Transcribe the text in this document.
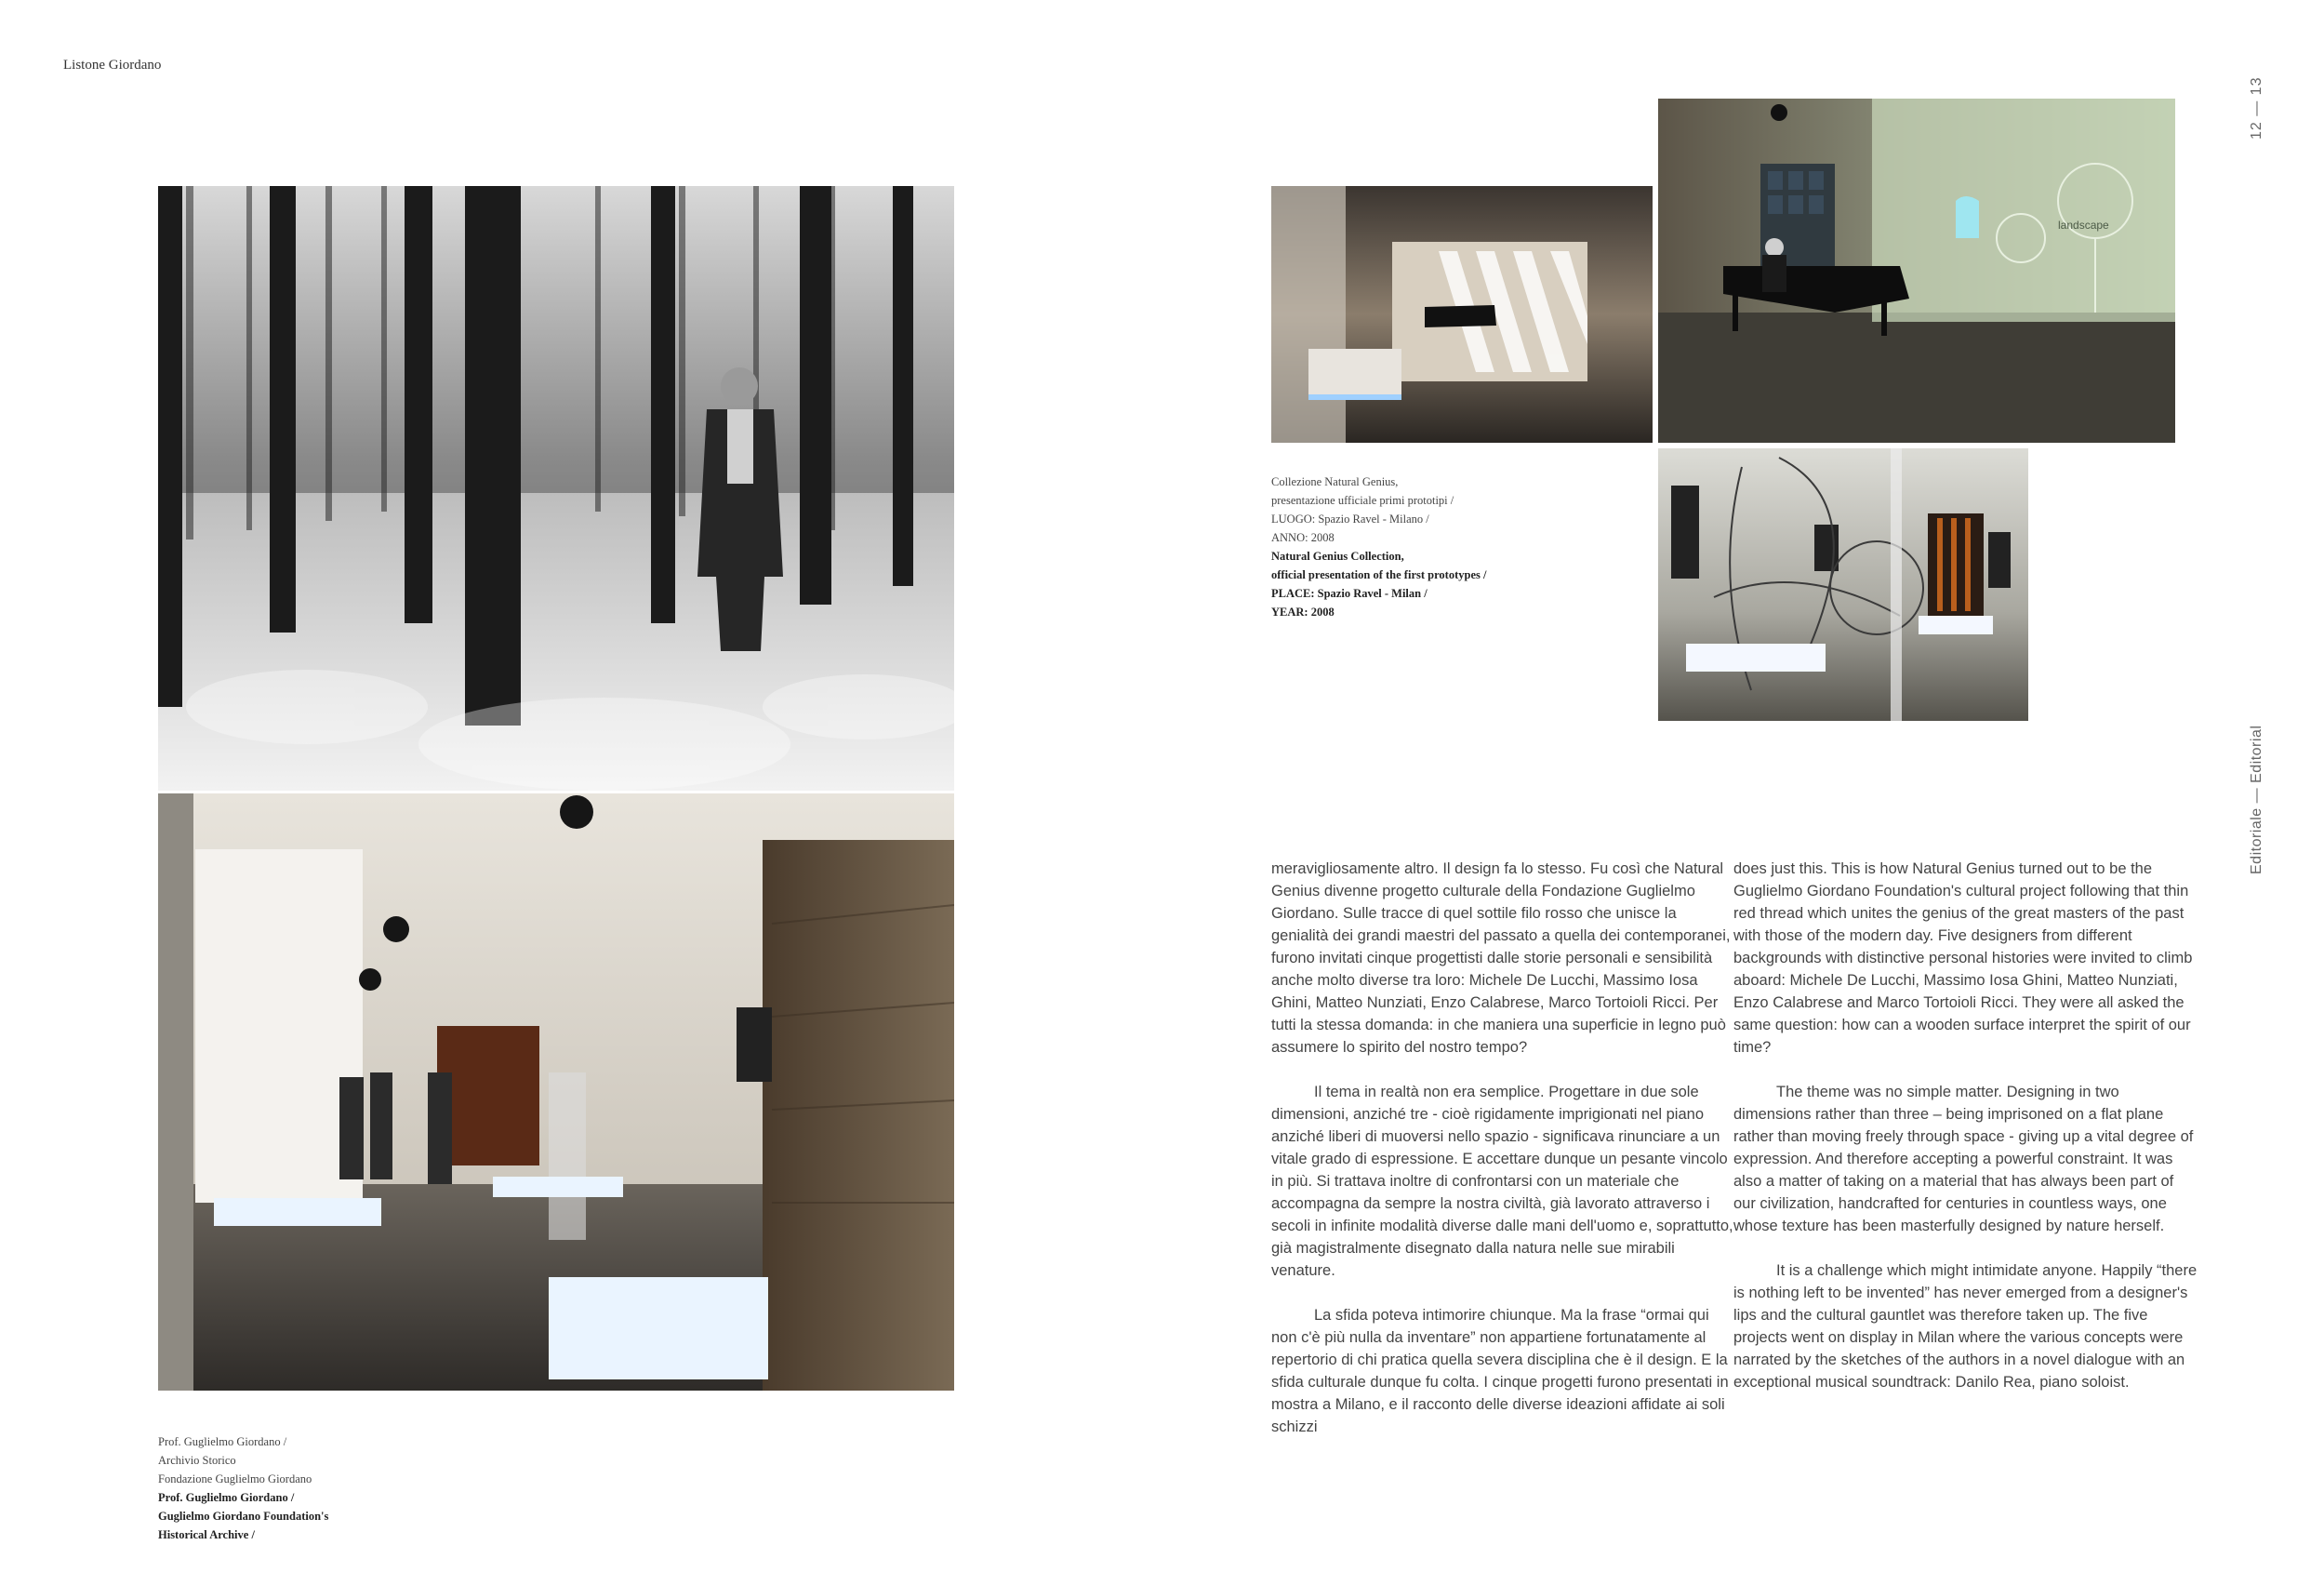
Listone Giordano
12 — 13
Editoriale — Editorial
Prof. Guglielmo Giordano /
Archivio Storico
Fondazione Guglielmo Giordano
Prof. Guglielmo Giordano /
Guglielmo Giordano Foundation's
Historical Archive /
landscape
Collezione Natural Genius,
presentazione ufficiale primi prototipi /
LUOGO: Spazio Ravel - Milano /
ANNO: 2008
Natural Genius Collection,
official presentation of the first prototypes /
PLACE: Spazio Ravel - Milan /
YEAR: 2008

meravigliosamente altro. Il design fa lo stesso. Fu così che Natural Genius divenne progetto culturale della Fondazione Guglielmo Giordano. Sulle tracce di quel sottile filo rosso che unisce la genialità dei grandi maestri del passato a quella dei contemporanei, furono invitati cinque progettisti dalle storie personali e sensibilità anche molto diverse tra loro: Michele De Lucchi, Massimo Iosa Ghini, Matteo Nunziati, Enzo Calabrese, Marco Tortoioli Ricci. Per tutti la stessa domanda: in che maniera una superficie in legno può assumere lo spirito del nostro tempo?

Il tema in realtà non era semplice. Progettare in due sole dimensioni, anziché tre - cioè rigidamente imprigionati nel piano anziché liberi di muoversi nello spazio - significava rinunciare a un vitale grado di espressione. E accettare dunque un pesante vincolo in più. Si trattava inoltre di confrontarsi con un materiale che accompagna da sempre la nostra civiltà, già lavorato attraverso i secoli in infinite modalità diverse dalle mani dell'uomo e, soprattutto, già magistralmente disegnato dalla natura nelle sue mirabili venature.

La sfida poteva intimorire chiunque. Ma la frase “ormai qui non c'è più nulla da inventare” non appartiene fortunatamente al repertorio di chi pratica quella severa disciplina che è il design. E la sfida culturale dunque fu colta. I cinque progetti furono presentati in mostra a Milano, e il racconto delle diverse ideazioni affidate ai soli schizzi

does just this. This is how Natural Genius turned out to be the Guglielmo Giordano Foundation's cultural project following that thin red thread which unites the genius of the great masters of the past with those of the modern day. Five designers from different backgrounds with distinctive personal histories were invited to climb aboard: Michele De Lucchi, Massimo Iosa Ghini, Matteo Nunziati, Enzo Calabrese and Marco Tortoioli Ricci. They were all asked the same question: how can a wooden surface interpret the spirit of our time?

The theme was no simple matter. Designing in two dimensions rather than three – being imprisoned on a flat plane rather than moving freely through space - giving up a vital degree of expression. And therefore accepting a powerful constraint. It was also a matter of taking on a material that has always been part of our civilization, handcrafted for centuries in countless ways, one whose texture has been masterfully designed by nature herself.

It is a challenge which might intimidate anyone. Happily “there is nothing left to be invented” has never emerged from a designer's lips and the cultural gauntlet was therefore taken up. The five projects went on display in Milan where the various concepts were narrated by the sketches of the authors in a novel dialogue with an exceptional musical soundtrack: Danilo Rea, piano soloist.
